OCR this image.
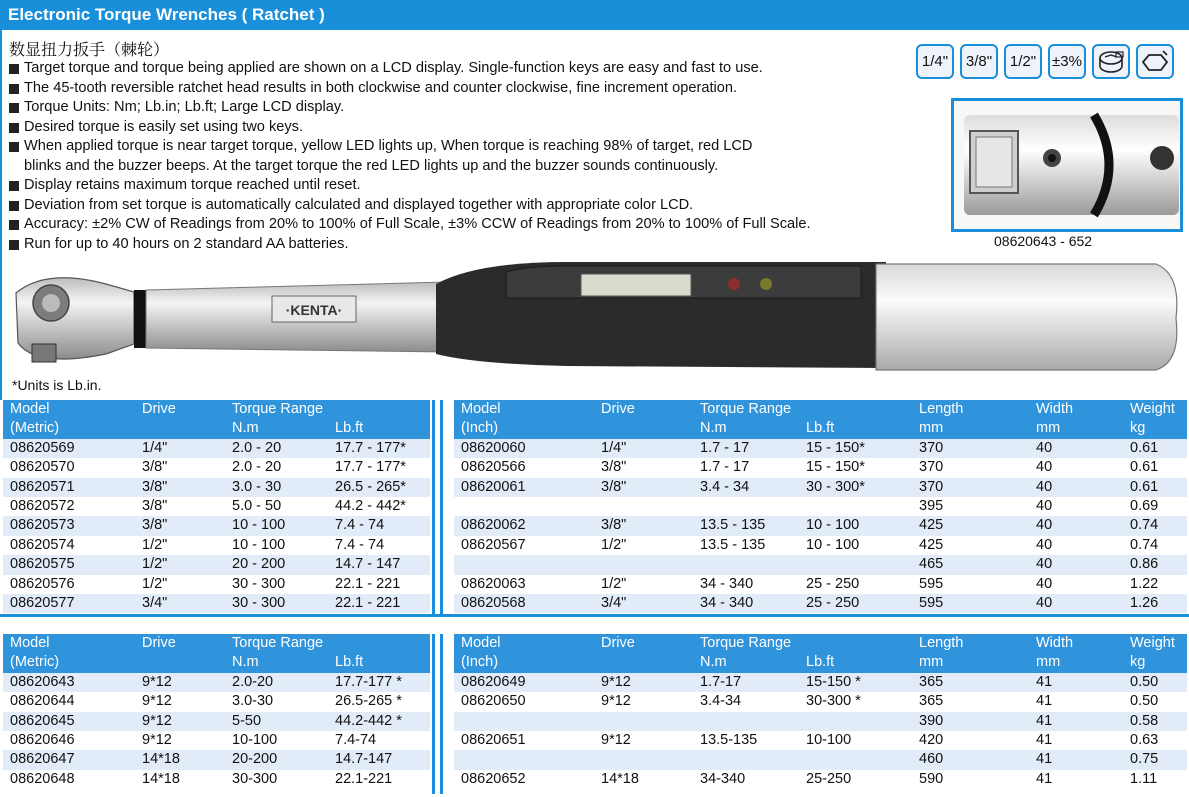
Electronic Torque Wrenches ( Ratchet )
数显扭力扳手（棘轮）
Target torque and torque being applied are shown on a LCD display. Single-function keys are easy and fast to use.
The 45-tooth reversible ratchet head results in both clockwise and counter clockwise, fine increment operation.
Torque Units: Nm; Lb.in; Lb.ft; Large LCD display.
Desired torque is easily set using two keys.
When applied torque is near target torque, yellow LED lights up, When torque is reaching 98% of target, red LCD
blinks and the buzzer beeps. At the target torque the red LED lights up and the buzzer sounds continuously.
Display retains maximum torque reached until reset.
Deviation from set torque is automatically calculated and displayed together with appropriate color LCD.
Accuracy: ±2% CW of Readings from 20% to 100% of Full Scale, ±3% CCW of Readings from 20% to 100% of Full Scale.
Run for up to 40 hours on 2 standard AA batteries.
1/4"	3/8"	1/2"	±3%
08620643 - 652
·KENTA·
*Units is Lb.in.
Model	Drive	Torque Range	
(Metric)		N.m	Lb.ft
08620569	1/4"	2.0 - 20	17.7 - 177*
08620570	3/8"	2.0 - 20	17.7 - 177*
08620571	3/8"	3.0 - 30	26.5 - 265*
08620572	3/8"	5.0 - 50	44.2 - 442*
08620573	3/8"	10 - 100	7.4 - 74
08620574	1/2"	10 - 100	7.4 - 74
08620575	1/2"	20 - 200	14.7 - 147
08620576	1/2"	30 - 300	22.1 - 221
08620577	3/4"	30 - 300	22.1 - 221
Model	Drive	Torque Range		Length	Width	Weight
(Inch)		N.m	Lb.ft	mm	mm	kg
08620060	1/4"	1.7 - 17	15 - 150*	370	40	0.61
08620566	3/8"	1.7 - 17	15 - 150*	370	40	0.61
08620061	3/8"	3.4 - 34	30 - 300*	370	40	0.61
				395	40	0.69
08620062	3/8"	13.5 - 135	10 - 100	425	40	0.74
08620567	1/2"	13.5 - 135	10 - 100	425	40	0.74
				465	40	0.86
08620063	1/2"	34 - 340	25 - 250	595	40	1.22
08620568	3/4"	34 - 340	25 - 250	595	40	1.26
Model	Drive	Torque Range	
(Metric)		N.m	Lb.ft
08620643	9*12	2.0-20	17.7-177 *
08620644	9*12	3.0-30	26.5-265 *
08620645	9*12	5-50	44.2-442 *
08620646	9*12	10-100	7.4-74
08620647	14*18	20-200	14.7-147
08620648	14*18	30-300	22.1-221
Model	Drive	Torque Range		Length	Width	Weight
(Inch)		N.m	Lb.ft	mm	mm	kg
08620649	9*12	1.7-17	15-150 *	365	41	0.50
08620650	9*12	3.4-34	30-300 *	365	41	0.50
				390	41	0.58
08620651	9*12	13.5-135	10-100	420	41	0.63
				460	41	0.75
08620652	14*18	34-340	25-250	590	41	1.11
